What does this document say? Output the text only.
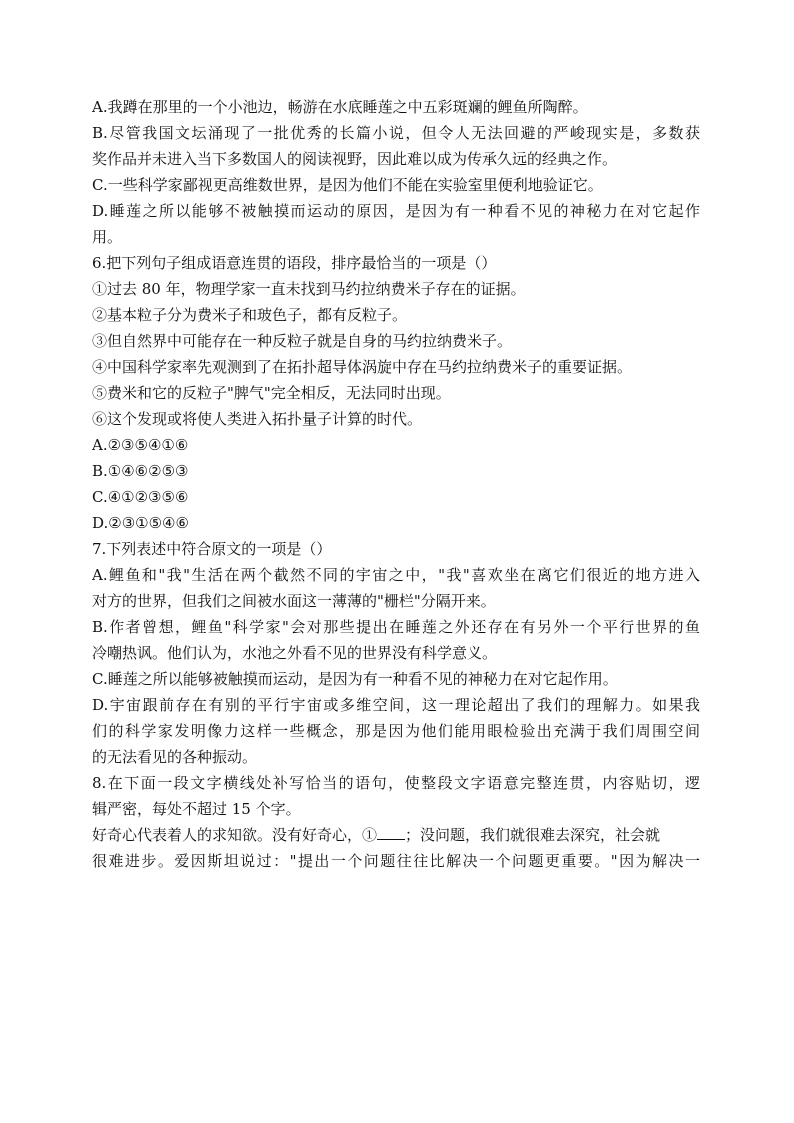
A.我蹲在那里的一个小池边，畅游在水底睡莲之中五彩斑斓的鲤鱼所陶醉。
B.尽管我国文坛涌现了一批优秀的长篇小说，但令人无法回避的严峻现实是，多数获
奖作品并未进入当下多数国人的阅读视野，因此难以成为传承久远的经典之作。
C.一些科学家鄙视更高维数世界，是因为他们不能在实验室里便利地验证它。
D.睡莲之所以能够不被触摸而运动的原因，是因为有一种看不见的神秘力在对它起作
用。
6.把下列句子组成语意连贯的语段，排序最恰当的一项是（）
①过去 80 年，物理学家一直未找到马约拉纳费米子存在的证据。
②基本粒子分为费米子和玻色子，都有反粒子。
③但自然界中可能存在一种反粒子就是自身的马约拉纳费米子。
④中国科学家率先观测到了在拓扑超导体涡旋中存在马约拉纳费米子的重要证据。
⑤费米和它的反粒子"脾气"完全相反，无法同时出现。
⑥这个发现或将使人类进入拓扑量子计算的时代。
A.②③⑤④①⑥
B.①④⑥②⑤③
C.④①②③⑤⑥
D.②③①⑤④⑥
7.下列表述中符合原文的一项是（）
A.鲤鱼和"我"生活在两个截然不同的宇宙之中，"我"喜欢坐在离它们很近的地方进入
对方的世界，但我们之间被水面这一薄薄的"栅栏"分隔开来。
B.作者曾想，鲤鱼"科学家"会对那些提出在睡莲之外还存在有另外一个平行世界的鱼
冷嘲热讽。他们认为，水池之外看不见的世界没有科学意义。
C.睡莲之所以能够被触摸而运动，是因为有一种看不见的神秘力在对它起作用。
D.宇宙跟前存在有别的平行宇宙或多维空间，这一理论超出了我们的理解力。如果我
们的科学家发明像力这样一些概念，那是因为他们能用眼检验出充满于我们周围空间
的无法看见的各种振动。
8.在下面一段文字横线处补写恰当的语句，使整段文字语意完整连贯，内容贴切，逻
辑严密，每处不超过 15 个字。
好奇心代表着人的求知欲。没有好奇心，① ；没问题，我们就很难去深究，社会就
很难进步。爱因斯坦说过："提出一个问题往往比解决一个问题更重要。"因为解决一
